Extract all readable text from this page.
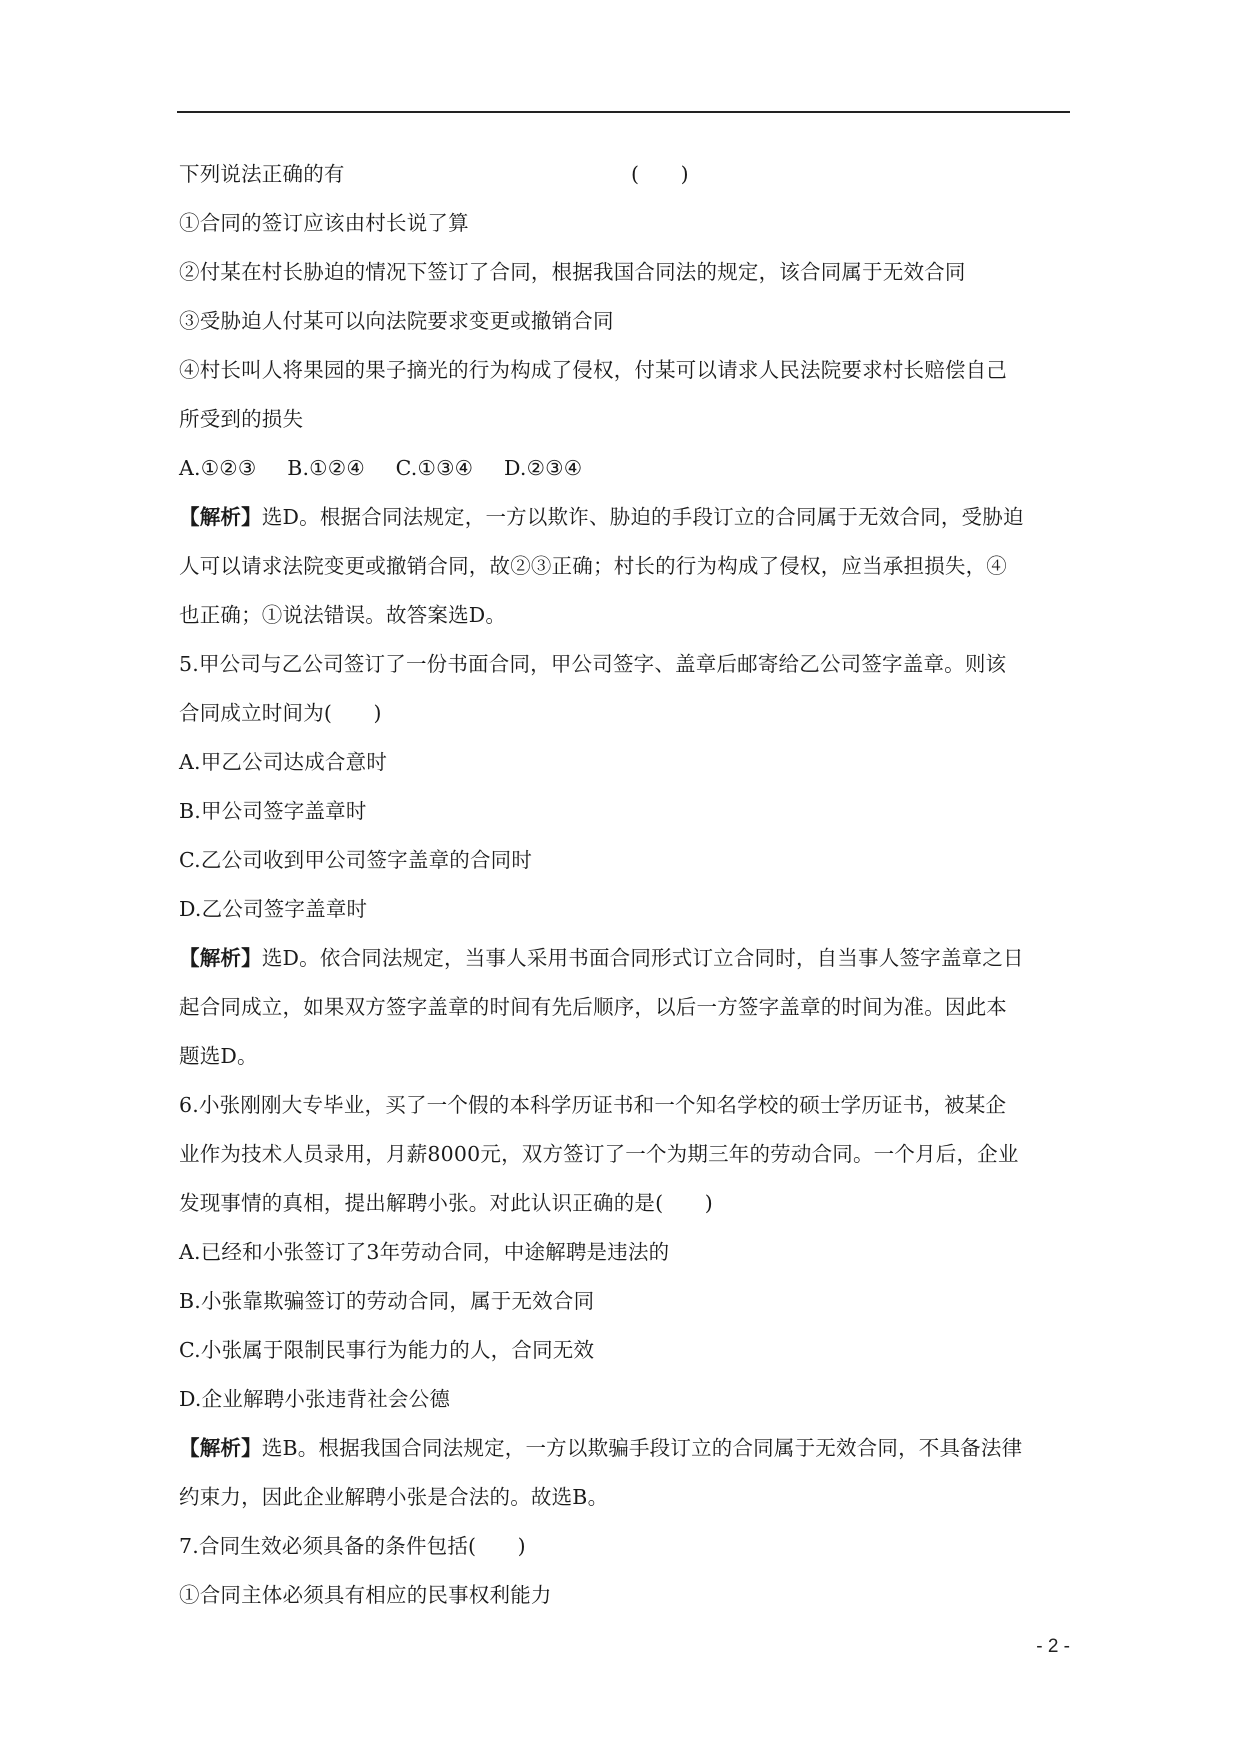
下列说法正确的有	(　　)
①合同的签订应该由村长说了算
②付某在村长胁迫的情况下签订了合同，根据我国合同法的规定，该合同属于无效合同
③受胁迫人付某可以向法院要求变更或撤销合同
④村长叫人将果园的果子摘光的行为构成了侵权，付某可以请求人民法院要求村长赔偿自己
所受到的损失
A.①②③ B.①②④ C.①③④ D.②③④
【解析】选D。根据合同法规定，一方以欺诈、胁迫的手段订立的合同属于无效合同，受胁迫
人可以请求法院变更或撤销合同，故②③正确；村长的行为构成了侵权，应当承担损失，④
也正确；①说法错误。故答案选D。
5.甲公司与乙公司签订了一份书面合同，甲公司签字、盖章后邮寄给乙公司签字盖章。则该
合同成立时间为(　　)
A.甲乙公司达成合意时
B.甲公司签字盖章时
C.乙公司收到甲公司签字盖章的合同时
D.乙公司签字盖章时
【解析】选D。依合同法规定，当事人采用书面合同形式订立合同时，自当事人签字盖章之日
起合同成立，如果双方签字盖章的时间有先后顺序，以后一方签字盖章的时间为准。因此本
题选D。
6.小张刚刚大专毕业，买了一个假的本科学历证书和一个知名学校的硕士学历证书，被某企
业作为技术人员录用，月薪8000元，双方签订了一个为期三年的劳动合同。一个月后，企业
发现事情的真相，提出解聘小张。对此认识正确的是(　　)
A.已经和小张签订了3年劳动合同，中途解聘是违法的
B.小张靠欺骗签订的劳动合同，属于无效合同
C.小张属于限制民事行为能力的人，合同无效
D.企业解聘小张违背社会公德
【解析】选B。根据我国合同法规定，一方以欺骗手段订立的合同属于无效合同，不具备法律
约束力，因此企业解聘小张是合法的。故选B。
7.合同生效必须具备的条件包括(　　)
①合同主体必须具有相应的民事权利能力
- 2 -
